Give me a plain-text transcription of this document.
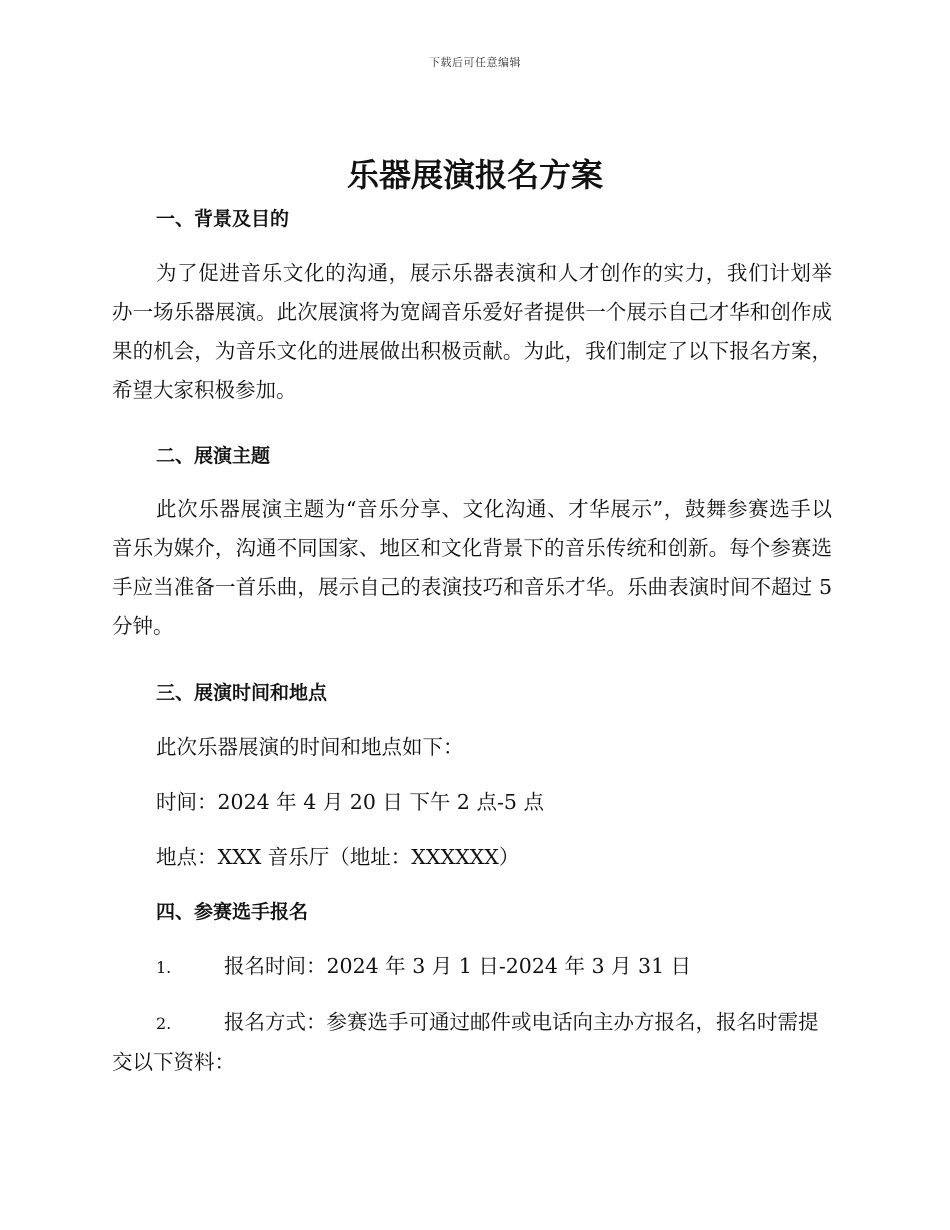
下载后可任意编辑
乐器展演报名方案
一、背景及目的

为了促进音乐文化的沟通，展示乐器表演和人才创作的实力，我们计划举办一场乐器展演。此次展演将为宽阔音乐爱好者提供一个展示自己才华和创作成果的机会，为音乐文化的进展做出积极贡献。为此，我们制定了以下报名方案，希望大家积极参加。

二、展演主题

此次乐器展演主题为“音乐分享、文化沟通、才华展示”，鼓舞参赛选手以音乐为媒介，沟通不同国家、地区和文化背景下的音乐传统和创新。每个参赛选手应当准备一首乐曲，展示自己的表演技巧和音乐才华。乐曲表演时间不超过 5 分钟。

三、展演时间和地点
此次乐器展演的时间和地点如下：
时间：2024 年 4 月 20 日 下午 2 点-5 点
地点：XXX 音乐厅（地址：XXXXXX）
四、参赛选手报名
1.	报名时间：2024 年 3 月 1 日-2024 年 3 月 31 日
2.	报名方式：参赛选手可通过邮件或电话向主办方报名，报名时需提交以下资料：
